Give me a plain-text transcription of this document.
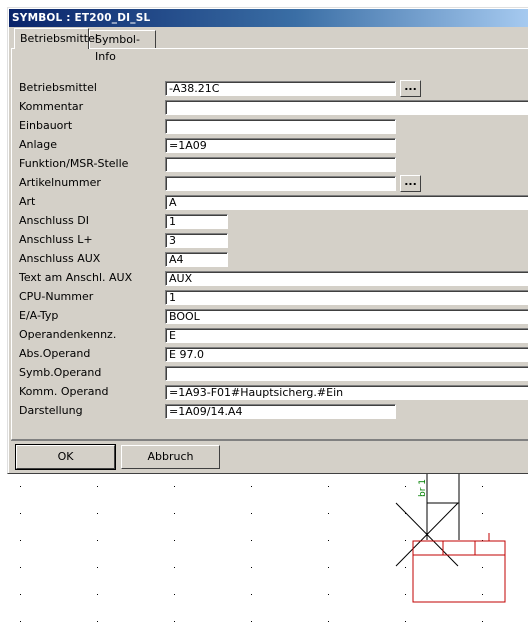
br 1
SYMBOL : ET200_DI_SL
Betriebsmittel
Symbol-Info
Betriebsmittel	-A38.21C	...
Kommentar
Einbauort
Anlage	=1A09
Funktion/MSR-Stelle
Artikelnummer	...
Art	A
Anschluss DI	1
Anschluss L+	3
Anschluss AUX	A4
Text am Anschl. AUX	AUX
CPU-Nummer	1
E/A-Typ	BOOL
Operandenkennz.	E
Abs.Operand	E 97.0
Symb.Operand
Komm. Operand	=1A93-F01#Hauptsicherg.#Ein
Darstellung	=1A09/14.A4
OK	Abbruch
